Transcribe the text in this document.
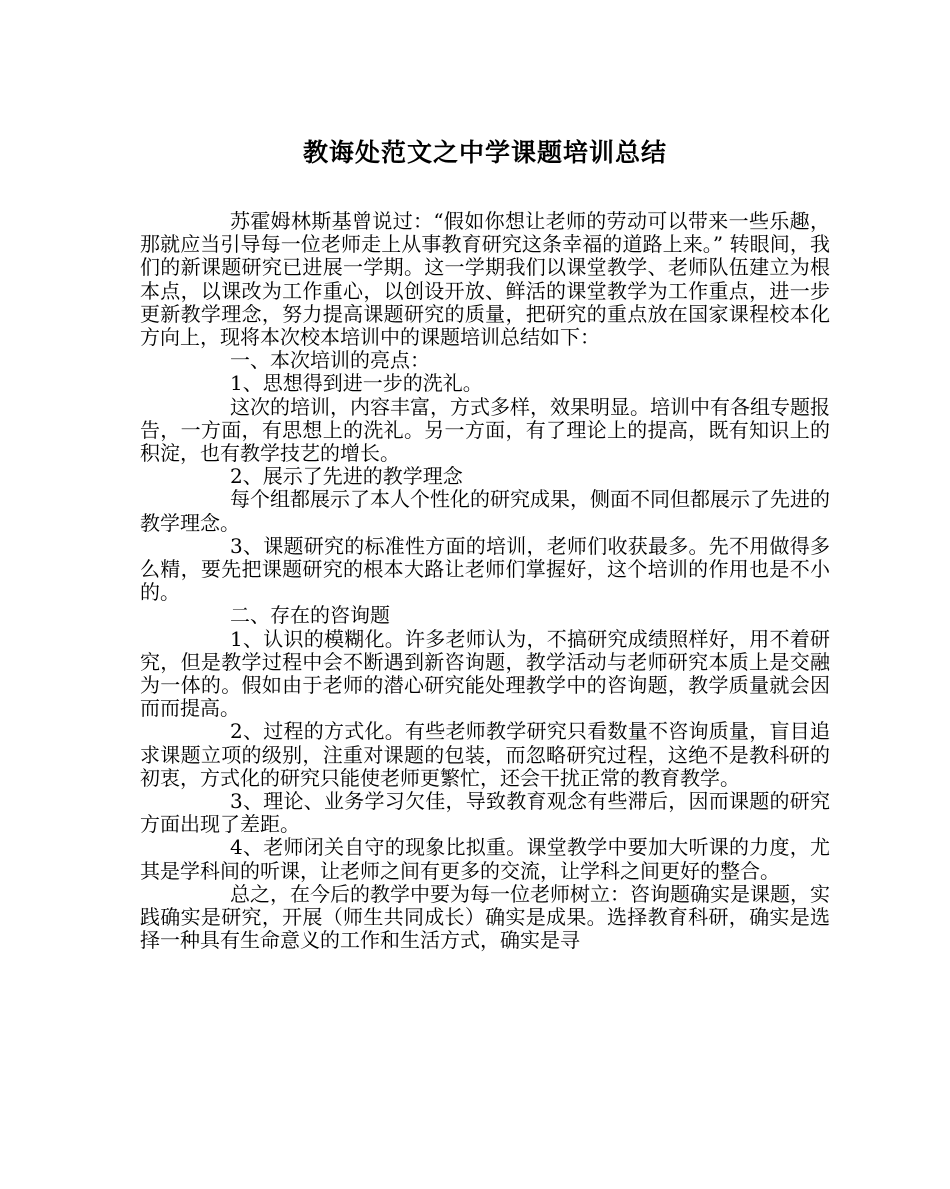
教诲处范文之中学课题培训总结

苏霍姆林斯基曾说过：“假如你想让老师的劳动可以带来一些乐趣，那就应当引导每一位老师走上从事教育研究这条幸福的道路上来。” 转眼间，我们的新课题研究已进展一学期。这一学期我们以课堂教学、老师队伍建立为根本点，以课改为工作重心，以创设开放、鲜活的课堂教学为工作重点，进一步更新教学理念，努力提高课题研究的质量，把研究的重点放在国家课程校本化方向上，现将本次校本培训中的课题培训总结如下：

一、本次培训的亮点：

1、思想得到进一步的洗礼。

这次的培训，内容丰富，方式多样，效果明显。培训中有各组专题报告，一方面，有思想上的洗礼。另一方面，有了理论上的提高，既有知识上的积淀，也有教学技艺的增长。

2、展示了先进的教学理念

每个组都展示了本人个性化的研究成果，侧面不同但都展示了先进的教学理念。

3、课题研究的标准性方面的培训，老师们收获最多。先不用做得多么精，要先把课题研究的根本大路让老师们掌握好，这个培训的作用也是不小的。

二、存在的咨询题

1、认识的模糊化。许多老师认为，不搞研究成绩照样好，用不着研究，但是教学过程中会不断遇到新咨询题，教学活动与老师研究本质上是交融为一体的。假如由于老师的潜心研究能处理教学中的咨询题，教学质量就会因而而提高。

2、过程的方式化。有些老师教学研究只看数量不咨询质量，盲目追求课题立项的级别，注重对课题的包装，而忽略研究过程，这绝不是教科研的初衷，方式化的研究只能使老师更繁忙，还会干扰正常的教育教学。

3、理论、业务学习欠佳，导致教育观念有些滞后，因而课题的研究方面出现了差距。

4、老师闭关自守的现象比拟重。课堂教学中要加大听课的力度，尤其是学科间的听课，让老师之间有更多的交流，让学科之间更好的整合。

总之，在今后的教学中要为每一位老师树立：咨询题确实是课题，实践确实是研究，开展（师生共同成长）确实是成果。选择教育科研，确实是选择一种具有生命意义的工作和生活方式，确实是寻
